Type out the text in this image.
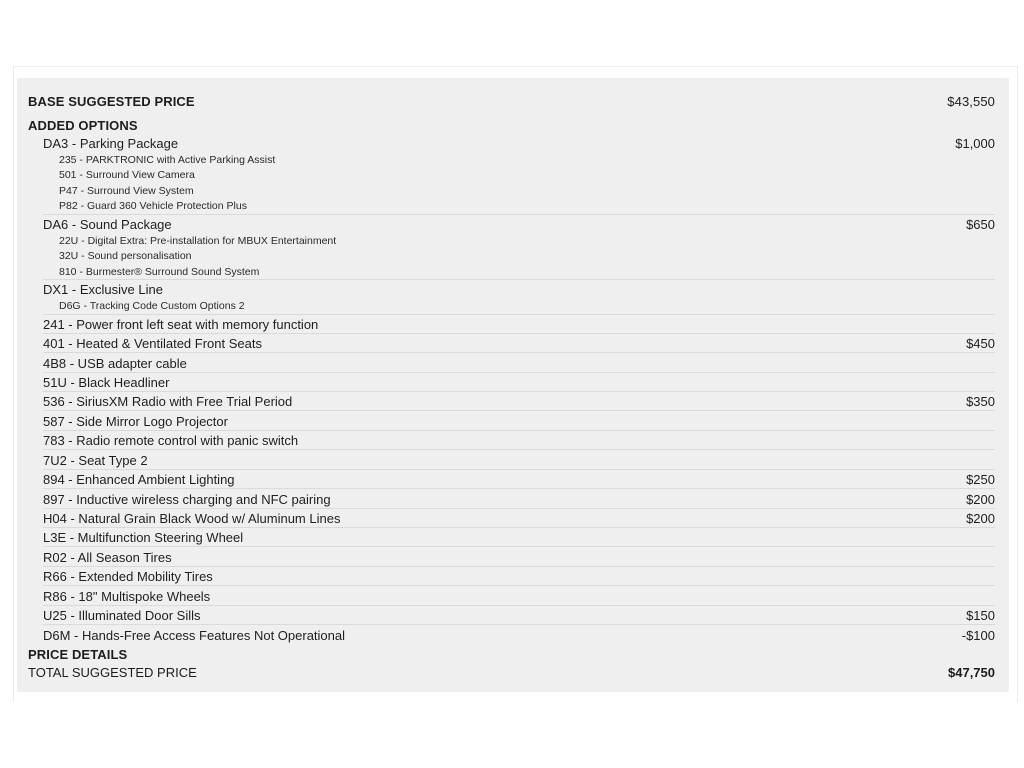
BASE SUGGESTED PRICE	$43,550
ADDED OPTIONS
DA3 - Parking Package	$1,000
235 - PARKTRONIC with Active Parking Assist
501 - Surround View Camera
P47 - Surround View System
P82 - Guard 360 Vehicle Protection Plus
DA6 - Sound Package	$650
22U - Digital Extra: Pre-installation for MBUX Entertainment
32U - Sound personalisation
810 - Burmester® Surround Sound System
DX1 - Exclusive Line
D6G - Tracking Code Custom Options 2
241 - Power front left seat with memory function
401 - Heated & Ventilated Front Seats	$450
4B8 - USB adapter cable
51U - Black Headliner
536 - SiriusXM Radio with Free Trial Period	$350
587 - Side Mirror Logo Projector
783 - Radio remote control with panic switch
7U2 - Seat Type 2
894 - Enhanced Ambient Lighting	$250
897 - Inductive wireless charging and NFC pairing	$200
H04 - Natural Grain Black Wood w/ Aluminum Lines	$200
L3E - Multifunction Steering Wheel
R02 - All Season Tires
R66 - Extended Mobility Tires
R86 - 18" Multispoke Wheels
U25 - Illuminated Door Sills	$150
D6M - Hands-Free Access Features Not Operational	-$100
PRICE DETAILS
TOTAL SUGGESTED PRICE	$47,750
